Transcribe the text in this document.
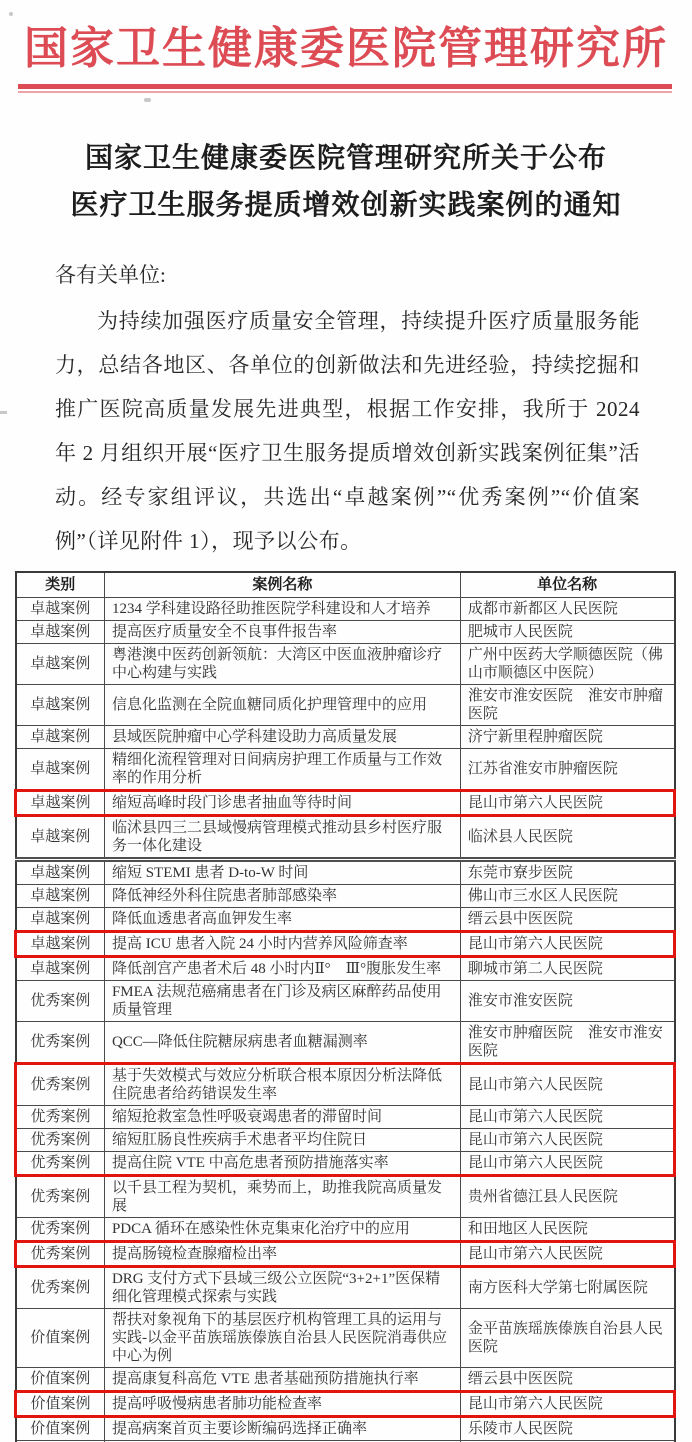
国家卫生健康委医院管理研究所
国家卫生健康委医院管理研究所关于公布
医疗卫生服务提质增效创新实践案例的通知
各有关单位:

为持续加强医疗质量安全管理，持续提升医疗质量服务能力，总结各地区、各单位的创新做法和先进经验，持续挖掘和推广医院高质量发展先进典型，根据工作安排，我所于 2024 年 2 月组织开展“医疗卫生服务提质增效创新实践案例征集”活动。经专家组评议，共选出“卓越案例”“优秀案例”“价值案例”（详见附件 1），现予以公布。

类别	案例名称	单位名称
卓越案例	1234 学科建设路径助推医院学科建设和人才培养	成都市新都区人民医院
卓越案例	提高医疗质量安全不良事件报告率	肥城市人民医院
卓越案例	粤港澳中医药创新领航：大湾区中医血液肿瘤诊疗中心构建与实践	广州中医药大学顺德医院（佛山市顺德区中医院）
卓越案例	信息化监测在全院血糖同质化护理管理中的应用	淮安市淮安医院　淮安市肿瘤医院
卓越案例	县域医院肿瘤中心学科建设助力高质量发展	济宁新里程肿瘤医院
卓越案例	精细化流程管理对日间病房护理工作质量与工作效率的作用分析	江苏省淮安市肿瘤医院
卓越案例	缩短高峰时段门诊患者抽血等待时间	昆山市第六人民医院
卓越案例	临沭县四三二县域慢病管理模式推动县乡村医疗服务一体化建设	临沭县人民医院
卓越案例	缩短 STEMI 患者 D-to-W 时间	东莞市寮步医院
卓越案例	降低神经外科住院患者肺部感染率	佛山市三水区人民医院
卓越案例	降低血透患者高血钾发生率	缙云县中医医院
卓越案例	提高 ICU 患者入院 24 小时内营养风险筛查率	昆山市第六人民医院
卓越案例	降低剖宫产患者术后 48 小时内Ⅱ°　Ⅲ°腹胀发生率	聊城市第二人民医院
优秀案例	FMEA 法规范癌痛患者在门诊及病区麻醉药品使用质量管理	淮安市淮安医院
优秀案例	QCC—降低住院糖尿病患者血糖漏测率	淮安市肿瘤医院　淮安市淮安医院
优秀案例	基于失效模式与效应分析联合根本原因分析法降低住院患者给药错误发生率	昆山市第六人民医院
优秀案例	缩短抢救室急性呼吸衰竭患者的滞留时间	昆山市第六人民医院
优秀案例	缩短肛肠良性疾病手术患者平均住院日	昆山市第六人民医院
优秀案例	提高住院 VTE 中高危患者预防措施落实率	昆山市第六人民医院
优秀案例	以千县工程为契机，乘势而上，助推我院高质量发展	贵州省德江县人民医院
优秀案例	PDCA 循环在感染性休克集束化治疗中的应用	和田地区人民医院
优秀案例	提高肠镜检查腺瘤检出率	昆山市第六人民医院
优秀案例	DRG 支付方式下县域三级公立医院“3+2+1”医保精细化管理模式探索与实践	南方医科大学第七附属医院
价值案例	帮扶对象视角下的基层医疗机构管理工具的运用与实践-以金平苗族瑶族傣族自治县人民医院消毒供应中心为例	金平苗族瑶族傣族自治县人民医院
价值案例	提高康复科高危 VTE 患者基础预防措施执行率	缙云县中医医院
价值案例	提高呼吸慢病患者肺功能检查率	昆山市第六人民医院
价值案例	提高病案首页主要诊断编码选择正确率	乐陵市人民医院
